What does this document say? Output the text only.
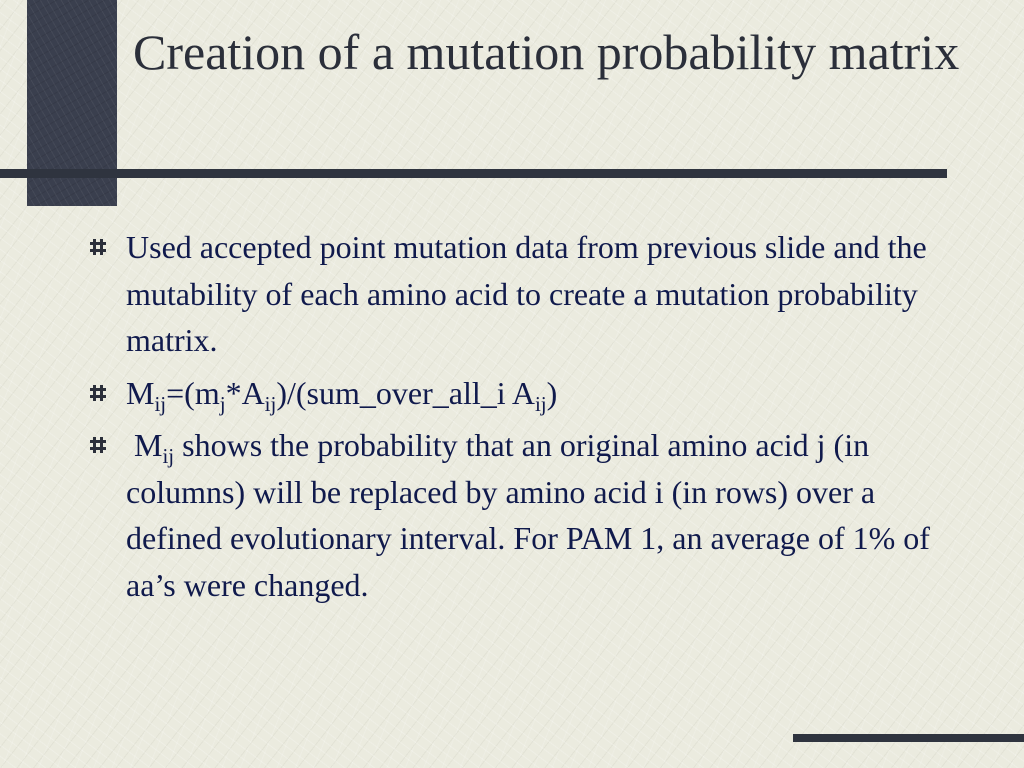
Creation of a mutation probability matrix
Used accepted point mutation data from previous slide and the mutability of each amino acid to create a mutation probability matrix.
$M_{ij}=(m_j*A_{ij})/(sum\_over\_all\_i$ $A_{ij}$)
$M_{ij}$ shows the probability that an original amino acid j (in columns) will be replaced by amino acid i (in rows) over a defined evolutionary interval. For PAM 1, an average of 1% of aa’s were changed.
